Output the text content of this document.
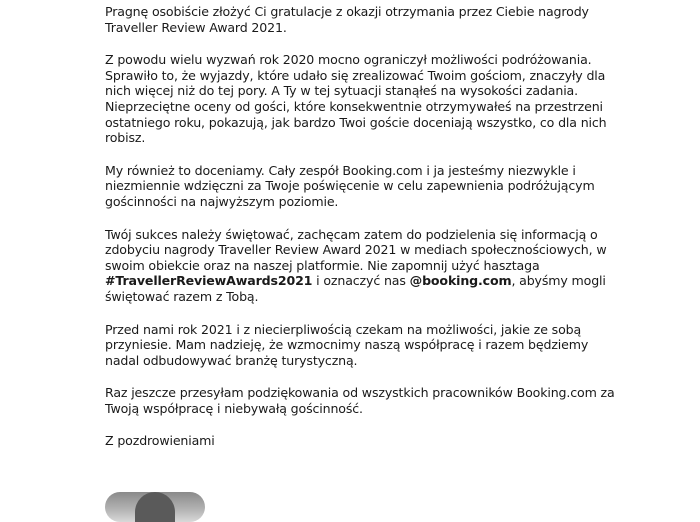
Pragnę osobiście złożyć Ci gratulacje z okazji otrzymania przez Ciebie nagrody Traveller Review Award 2021.

Z powodu wielu wyzwań rok 2020 mocno ograniczył możliwości podróżowania. Sprawiło to, że wyjazdy, które udało się zrealizować Twoim gościom, znaczyły dla nich więcej niż do tej pory. A Ty w tej sytuacji stanąłeś na wysokości zadania. Nieprzeciętne oceny od gości, które konsekwentnie otrzymywałeś na przestrzeni ostatniego roku, pokazują, jak bardzo Twoi goście doceniają wszystko, co dla nich robisz.

My również to doceniamy. Cały zespół Booking.com i ja jesteśmy niezwykle i niezmiennie wdzięczni za Twoje poświęcenie w celu zapewnienia podróżującym gościnności na najwyższym poziomie.

Twój sukces należy świętować, zachęcam zatem do podzielenia się informacją o zdobyciu nagrody Traveller Review Award 2021 w mediach społecznościowych, w swoim obiekcie oraz na naszej platformie. Nie zapomnij użyć hasztaga #TravellerReviewAwards2021 i oznaczyć nas @booking.com, abyśmy mogli świętować razem z Tobą.

Przed nami rok 2021 i z niecierpliwością czekam na możliwości, jakie ze sobą przyniesie. Mam nadzieję, że wzmocnimy naszą współpracę i razem będziemy nadal odbudowywać branżę turystyczną.

Raz jeszcze przesyłam podziękowania od wszystkich pracowników Booking.com za Twoją współpracę i niebywałą gościnność.

Z pozdrowieniami
